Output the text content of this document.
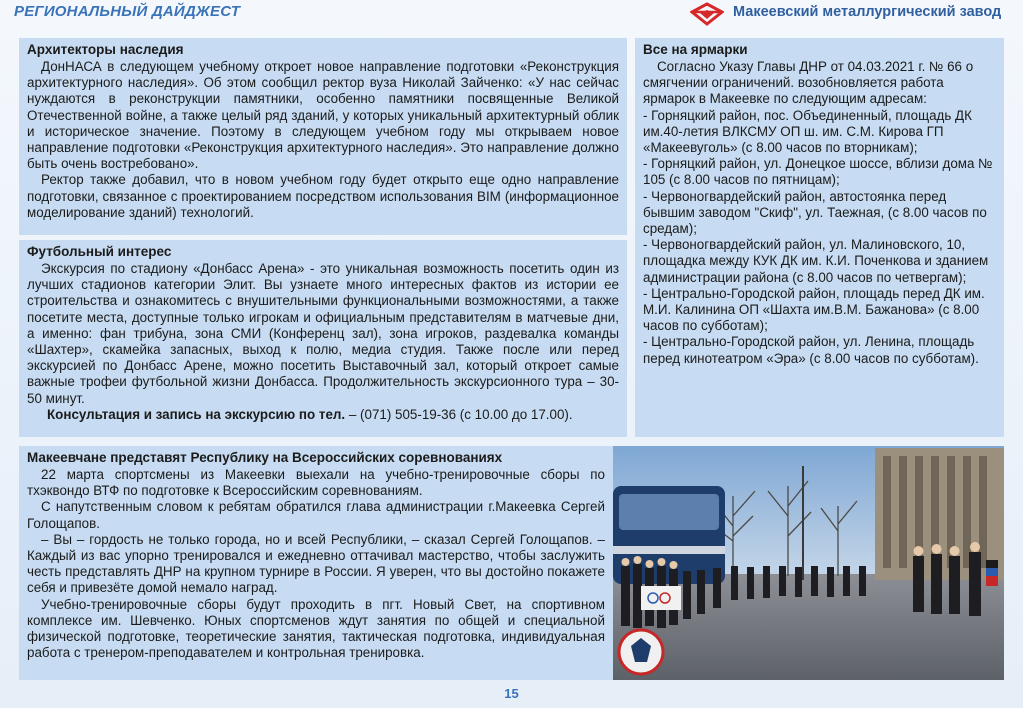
РЕГИОНАЛЬНЫЙ ДАЙДЖЕСТ	Макеевский металлургический завод
Архитекторы наследия

ДонНАСА в следующем учебному откроет новое направление подготовки «Реконструкция архитектурного наследия». Об этом сообщил ректор вуза Николай Зайченко: «У нас сейчас нуждаются в реконструкции памятники, особенно памятники посвященные Великой Отечественной войне, а также целый ряд зданий, у которых уникальный архитектурный облик и историческое значение. Поэтому в следующем учебном году мы открываем новое направление подготовки «Реконструкция архитектурного наследия». Это направление должно быть очень востребовано».

Ректор также добавил, что в новом учебном году будет открыто еще одно направление подготовки, связанное с проектированием посредством использования BIM (информационное моделирование зданий) технологий.

Футбольный интерес

Экскурсия по стадиону «Донбасс Арена» - это уникальная возможность посетить один из лучших стадионов категории Элит. Вы узнаете много интересных фактов из истории ее строительства и ознакомитесь с внушительными функциональными возможностями, а также посетите места, доступные только игрокам и официальным представителям в матчевые дни, а именно: фан трибуна, зона СМИ (Конференц зал), зона игроков, раздевалка команды «Шахтер», скамейка запасных, выход к полю, медиа студия. Также после или перед экскурсией по Донбасс Арене, можно посетить Выставочный зал, который откроет самые важные трофеи футбольной жизни Донбасса. Продолжительность экскурсионного тура – 30-50 минут.

Консультация и запись на экскурсию по тел. – (071) 505-19-36 (с 10.00 до 17.00).

Все на ярмарки

Согласно Указу Главы ДНР от 04.03.2021 г. № 66 о смягчении ограничений. возобновляется работа ярмарок в Макеевке по следующим адресам:

- Горняцкий район, пос. Объединенный, площадь ДК им.40-летия ВЛКСМУ ОП ш. им. С.М. Кирова ГП «Макеевуголь» (с 8.00 часов по вторникам);

- Горняцкий район, ул. Донецкое шоссе, вблизи дома № 105 (с 8.00 часов по пятницам);

- Червоногвардейский район, автостоянка перед бывшим заводом "Скиф", ул. Таежная, (с 8.00 часов по средам);

- Червоногвардейский район, ул. Малиновского, 10, площадка между КУК ДК им. К.И. Поченкова и зданием администрации района (с 8.00 часов по четвергам);

- Центрально-Городской район, площадь перед ДК им. М.И. Калинина ОП «Шахта им.В.М. Бажанова» (с 8.00 часов по субботам);

- Центрально-Городской район, ул. Ленина, площадь перед кинотеатром «Эра» (с 8.00 часов по субботам).

Макеевчане представят Республику на Всероссийских соревнованиях

22 марта спортсмены из Макеевки выехали на учебно-тренировочные сборы по тхэквондо ВТФ по подготовке к Всероссийским соревнованиям.

С напутственным словом к ребятам обратился глава администрации г.Макеевка Сергей Голощапов.

– Вы – гордость не только города, но и всей Республики, – сказал Сергей Голощапов. – Каждый из вас упорно тренировался и ежедневно оттачивал мастерство, чтобы заслужить честь представлять ДНР на крупном турнире в России. Я уверен, что вы достойно покажете себя и привезёте домой немало наград.

Учебно-тренировочные сборы будут проходить в пгт. Новый Свет, на спортивном комплексе им. Шевченко. Юных спортсменов ждут занятия по общей и специальной физической подготовке, теоретические занятия, тактическая подготовка, индивидуальная работа с тренером-преподавателем и контрольная тренировка.

15
